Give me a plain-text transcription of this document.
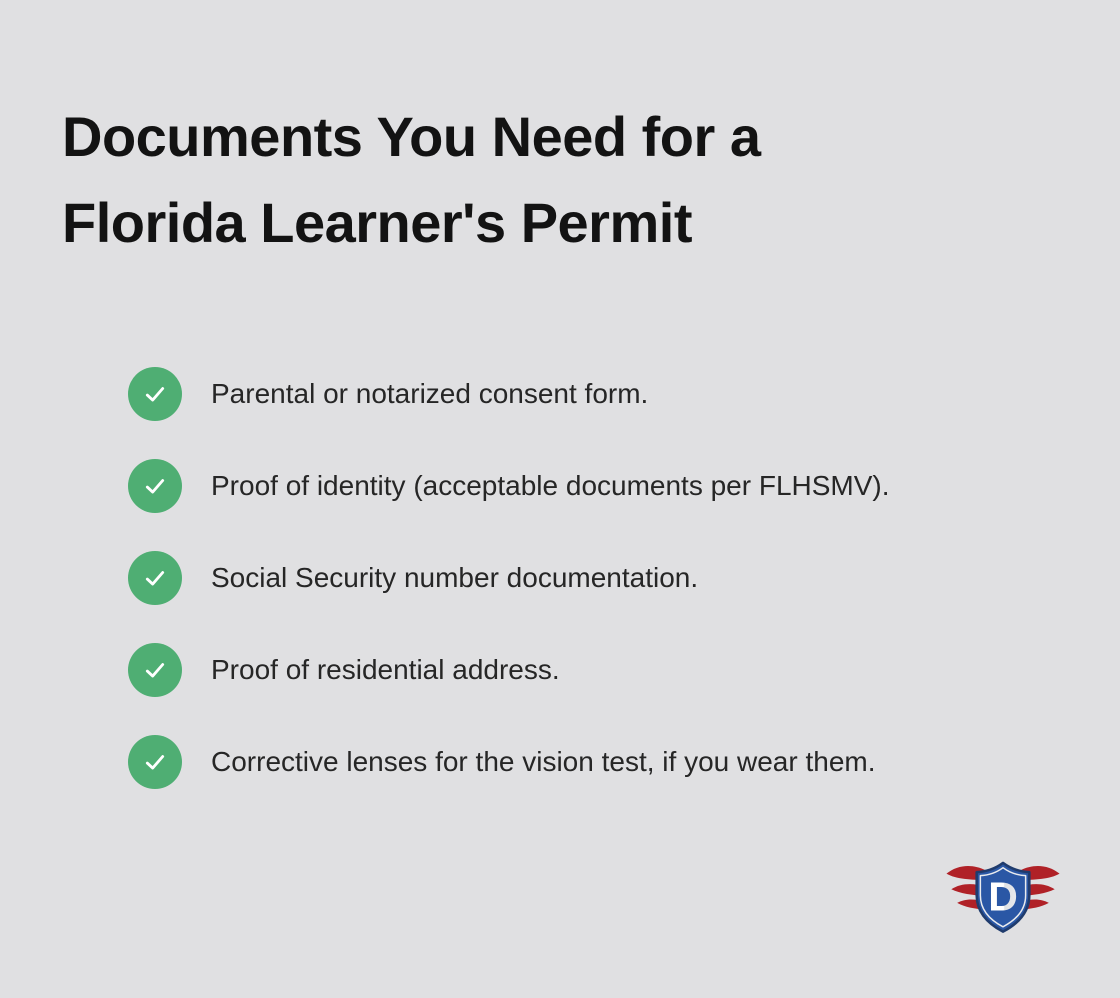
Documents You Need for a
Florida Learner's Permit
Parental or notarized consent form.
Proof of identity (acceptable documents per FLHSMV).
Social Security number documentation.
Proof of residential address.
Corrective lenses for the vision test, if you wear them.
D
